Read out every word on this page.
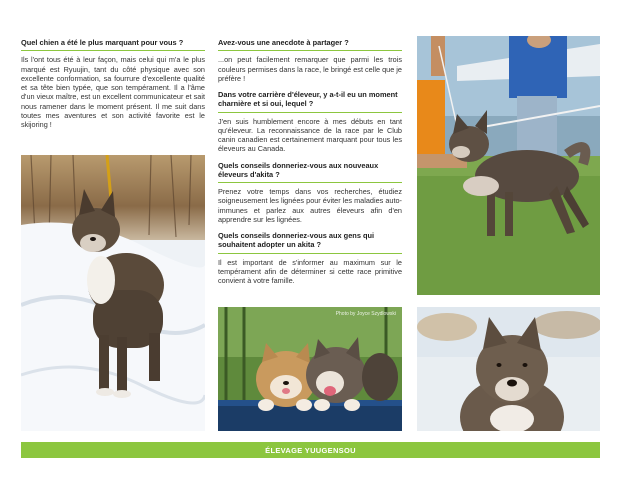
Quel chien a été le plus marquant pour vous ?

Ils l'ont tous été à leur façon, mais celui qui m'a le plus marqué est Ryuujin, tant du côté physique avec son excellente conformation, sa fourrure d'excellente qualité et sa tête bien typée, que son tempérament. Il a l'âme d'un vieux maître, est un excellent communicateur et sait nous ramener dans le moment présent. Il me suit dans toutes mes aventures et son activité favorite est le skijoring !

Avez-vous une anecdote à partager ?

...on peut facilement remarquer que parmi les trois couleurs permises dans la race, le bringé est celle que je préfère !

Dans votre carrière d'éleveur, y a-t-il eu un moment charnière et si oui, lequel ?

J'en suis humblement encore à mes débuts en tant qu'éleveur. La reconnaissance de la race par le Club canin canadien est certainement marquant pour tous les éleveurs au Canada.

Quels conseils donneriez-vous aux nouveaux éleveurs d'akita ?

Prenez votre temps dans vos recherches, étudiez soigneusement les lignées pour éviter les maladies auto-immunes et parlez aux autres éleveurs afin d'en apprendre sur les lignées.

Quels conseils donneriez-vous aux gens qui souhaitent adopter un akita ?

Il est important de s'informer au maximum sur le tempérament afin de déterminer si cette race primitive convient à votre famille.

Photo by Joyce Szydlowski
ÉLEVAGE YUUGENSOU
